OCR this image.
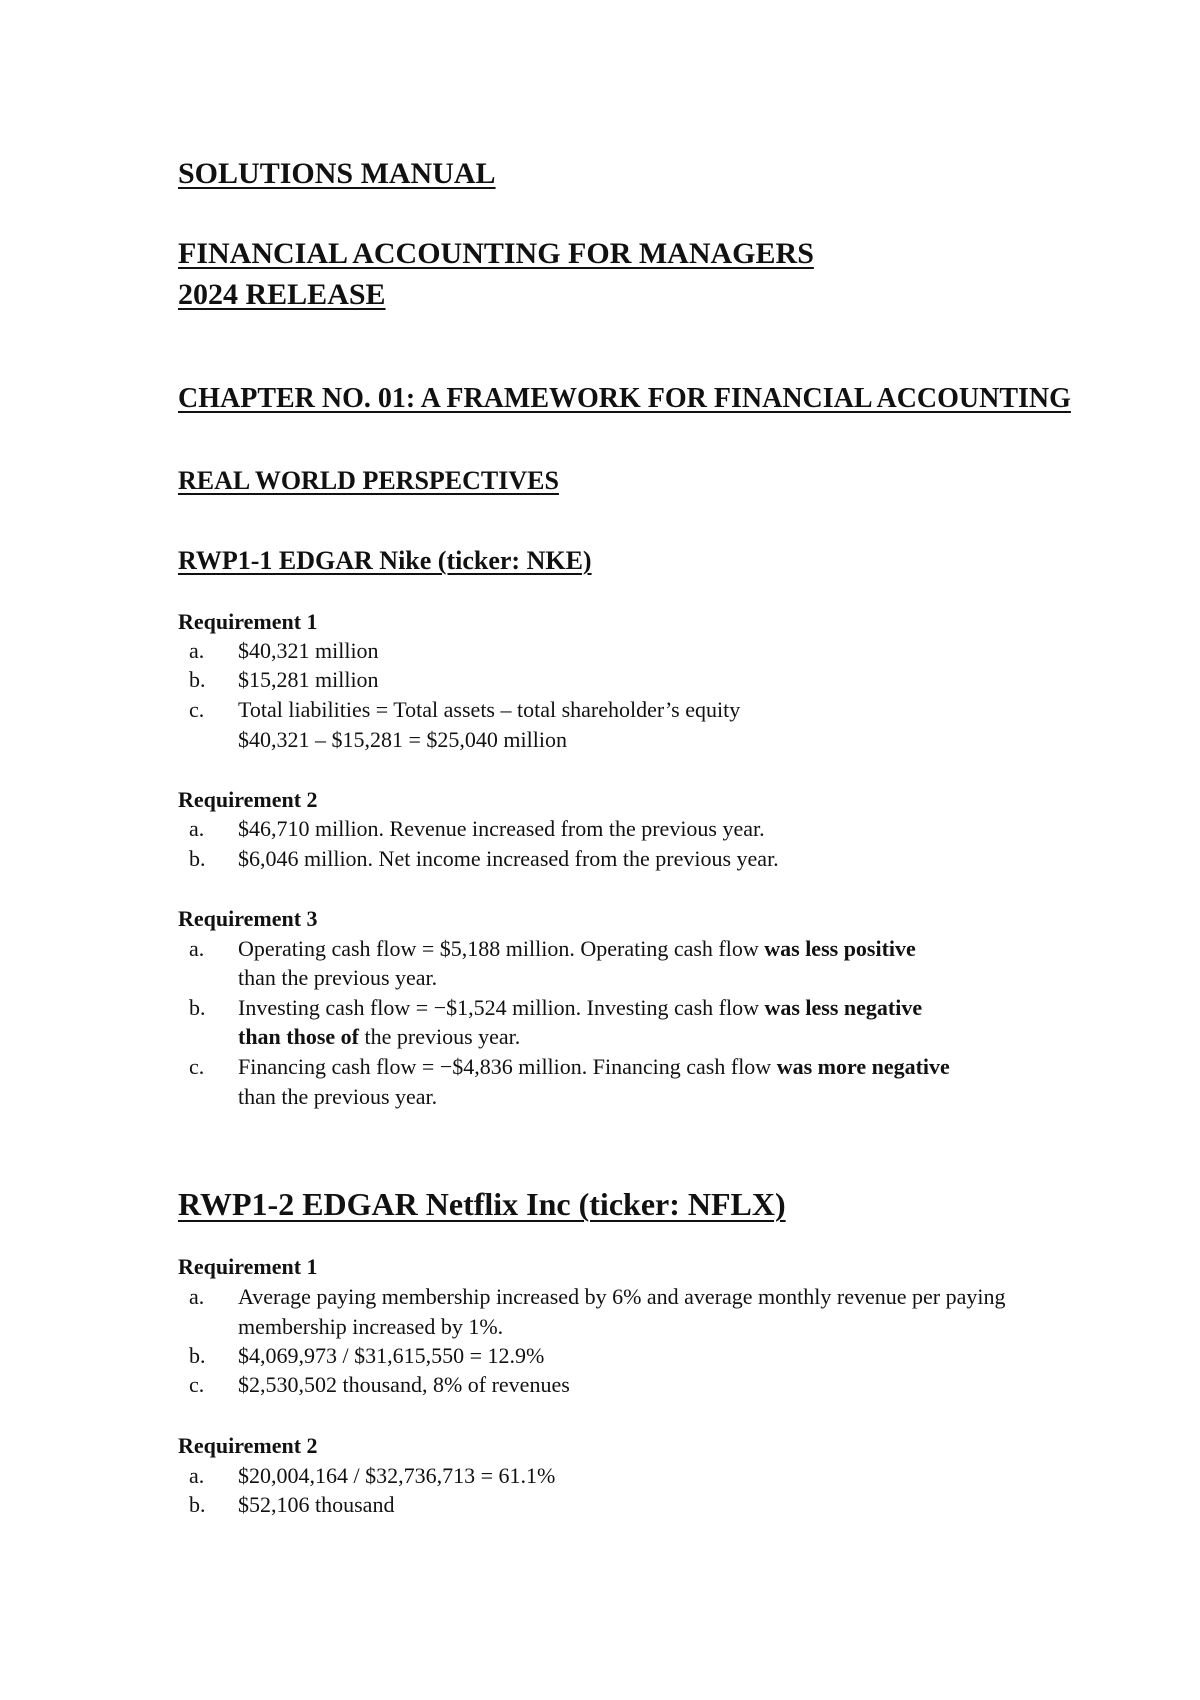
SOLUTIONS MANUAL
FINANCIAL ACCOUNTING FOR MANAGERS
2024 RELEASE
CHAPTER NO. 01: A FRAMEWORK FOR FINANCIAL ACCOUNTING
REAL WORLD PERSPECTIVES
RWP1-1 EDGAR Nike (ticker: NKE)
Requirement 1
a. $40,321 million
b. $15,281 million
c. Total liabilities = Total assets – total shareholder’s equity
$40,321 – $15,281 = $25,040 million
Requirement 2
a. $46,710 million. Revenue increased from the previous year.
b. $6,046 million. Net income increased from the previous year.
Requirement 3
a. Operating cash flow = $5,188 million. Operating cash flow was less positive
than the previous year.
b. Investing cash flow = −$1,524 million. Investing cash flow was less negative
than those of the previous year.
c. Financing cash flow = −$4,836 million. Financing cash flow was more negative
than the previous year.
RWP1-2 EDGAR Netflix Inc (ticker: NFLX)
Requirement 1
a. Average paying membership increased by 6% and average monthly revenue per paying
membership increased by 1%.
b. $4,069,973 / $31,615,550 = 12.9%
c. $2,530,502 thousand, 8% of revenues
Requirement 2
a. $20,004,164 / $32,736,713 = 61.1%
b. $52,106 thousand
